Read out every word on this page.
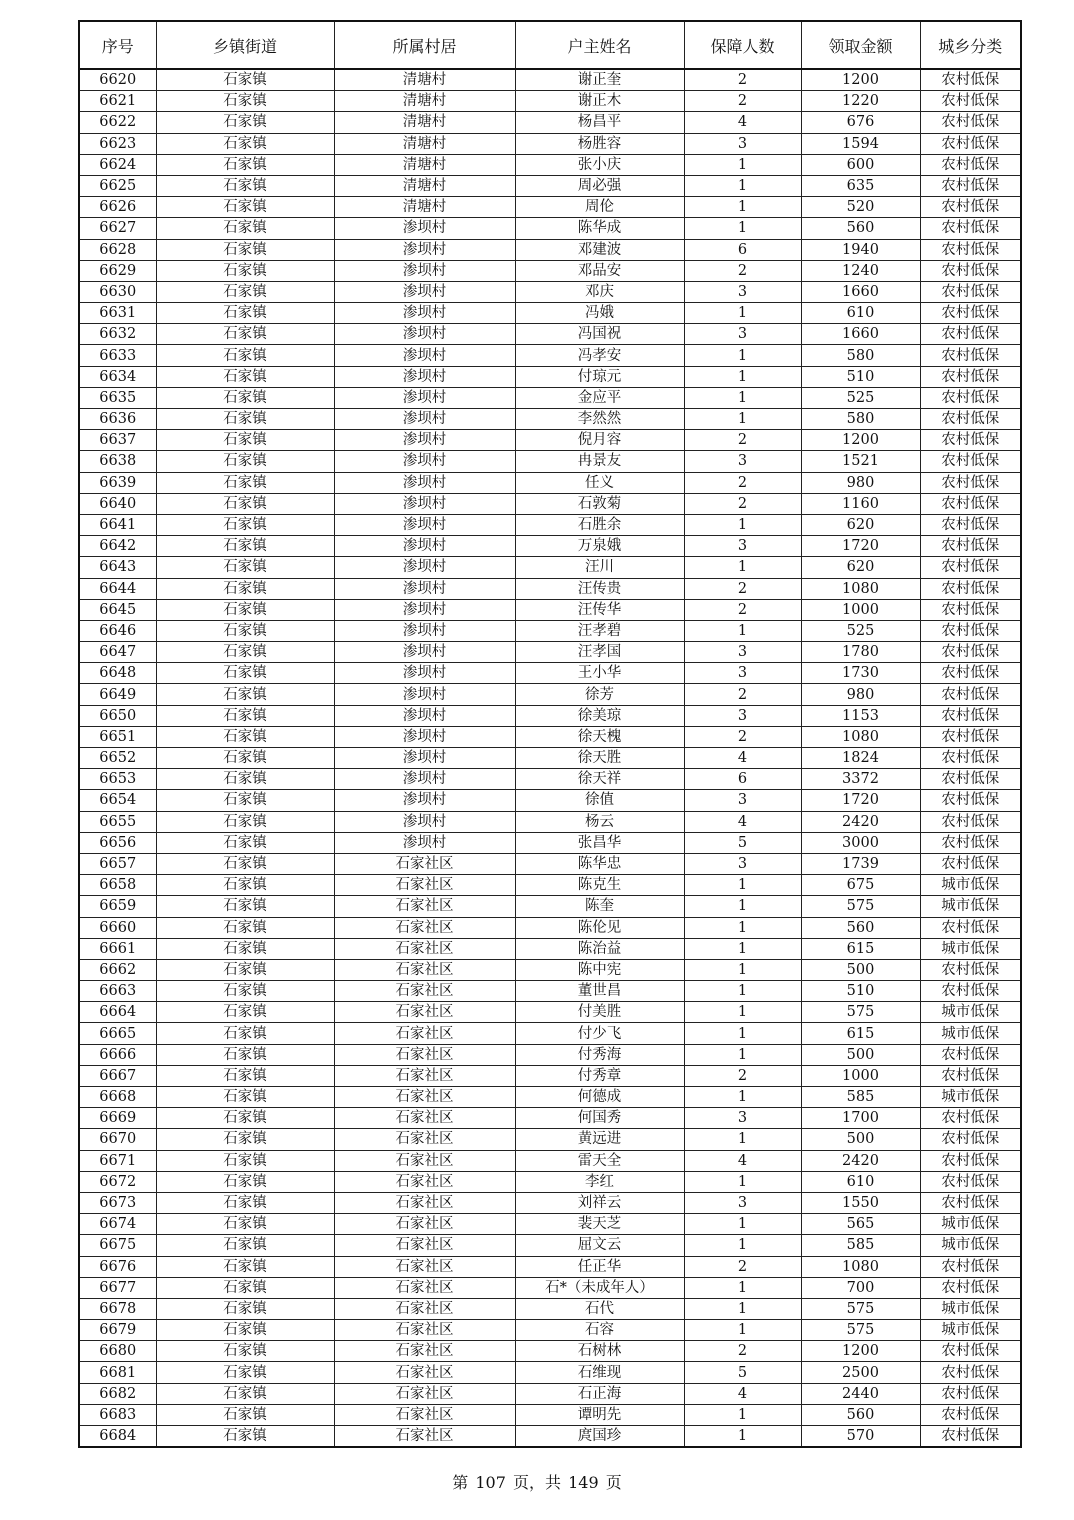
序号	乡镇街道	所属村居	户主姓名	保障人数	领取金额	城乡分类
6620	石家镇	清塘村	谢正奎	2	1200	农村低保
6621	石家镇	清塘村	谢正木	2	1220	农村低保
6622	石家镇	清塘村	杨昌平	4	676	农村低保
6623	石家镇	清塘村	杨胜容	3	1594	农村低保
6624	石家镇	清塘村	张小庆	1	600	农村低保
6625	石家镇	清塘村	周必强	1	635	农村低保
6626	石家镇	清塘村	周伦	1	520	农村低保
6627	石家镇	渗坝村	陈华成	1	560	农村低保
6628	石家镇	渗坝村	邓建波	6	1940	农村低保
6629	石家镇	渗坝村	邓品安	2	1240	农村低保
6630	石家镇	渗坝村	邓庆	3	1660	农村低保
6631	石家镇	渗坝村	冯娥	1	610	农村低保
6632	石家镇	渗坝村	冯国祝	3	1660	农村低保
6633	石家镇	渗坝村	冯孝安	1	580	农村低保
6634	石家镇	渗坝村	付琼元	1	510	农村低保
6635	石家镇	渗坝村	金应平	1	525	农村低保
6636	石家镇	渗坝村	李然然	1	580	农村低保
6637	石家镇	渗坝村	倪月容	2	1200	农村低保
6638	石家镇	渗坝村	冉景友	3	1521	农村低保
6639	石家镇	渗坝村	任义	2	980	农村低保
6640	石家镇	渗坝村	石敦菊	2	1160	农村低保
6641	石家镇	渗坝村	石胜余	1	620	农村低保
6642	石家镇	渗坝村	万泉娥	3	1720	农村低保
6643	石家镇	渗坝村	汪川	1	620	农村低保
6644	石家镇	渗坝村	汪传贵	2	1080	农村低保
6645	石家镇	渗坝村	汪传华	2	1000	农村低保
6646	石家镇	渗坝村	汪孝碧	1	525	农村低保
6647	石家镇	渗坝村	汪孝国	3	1780	农村低保
6648	石家镇	渗坝村	王小华	3	1730	农村低保
6649	石家镇	渗坝村	徐芳	2	980	农村低保
6650	石家镇	渗坝村	徐美琼	3	1153	农村低保
6651	石家镇	渗坝村	徐天槐	2	1080	农村低保
6652	石家镇	渗坝村	徐天胜	4	1824	农村低保
6653	石家镇	渗坝村	徐天祥	6	3372	农村低保
6654	石家镇	渗坝村	徐值	3	1720	农村低保
6655	石家镇	渗坝村	杨云	4	2420	农村低保
6656	石家镇	渗坝村	张昌华	5	3000	农村低保
6657	石家镇	石家社区	陈华忠	3	1739	农村低保
6658	石家镇	石家社区	陈克生	1	675	城市低保
6659	石家镇	石家社区	陈奎	1	575	城市低保
6660	石家镇	石家社区	陈伦见	1	560	农村低保
6661	石家镇	石家社区	陈治益	1	615	城市低保
6662	石家镇	石家社区	陈中宪	1	500	农村低保
6663	石家镇	石家社区	董世昌	1	510	农村低保
6664	石家镇	石家社区	付美胜	1	575	城市低保
6665	石家镇	石家社区	付少飞	1	615	城市低保
6666	石家镇	石家社区	付秀海	1	500	农村低保
6667	石家镇	石家社区	付秀章	2	1000	农村低保
6668	石家镇	石家社区	何德成	1	585	城市低保
6669	石家镇	石家社区	何国秀	3	1700	农村低保
6670	石家镇	石家社区	黄远进	1	500	农村低保
6671	石家镇	石家社区	雷天全	4	2420	农村低保
6672	石家镇	石家社区	李红	1	610	农村低保
6673	石家镇	石家社区	刘祥云	3	1550	农村低保
6674	石家镇	石家社区	裴天芝	1	565	城市低保
6675	石家镇	石家社区	屈文云	1	585	城市低保
6676	石家镇	石家社区	任正华	2	1080	农村低保
6677	石家镇	石家社区	石*（未成年人）	1	700	农村低保
6678	石家镇	石家社区	石代	1	575	城市低保
6679	石家镇	石家社区	石容	1	575	城市低保
6680	石家镇	石家社区	石树林	2	1200	农村低保
6681	石家镇	石家社区	石维现	5	2500	农村低保
6682	石家镇	石家社区	石正海	4	2440	农村低保
6683	石家镇	石家社区	谭明先	1	560	农村低保
6684	石家镇	石家社区	庹国珍	1	570	农村低保
第 107 页，共 149 页
